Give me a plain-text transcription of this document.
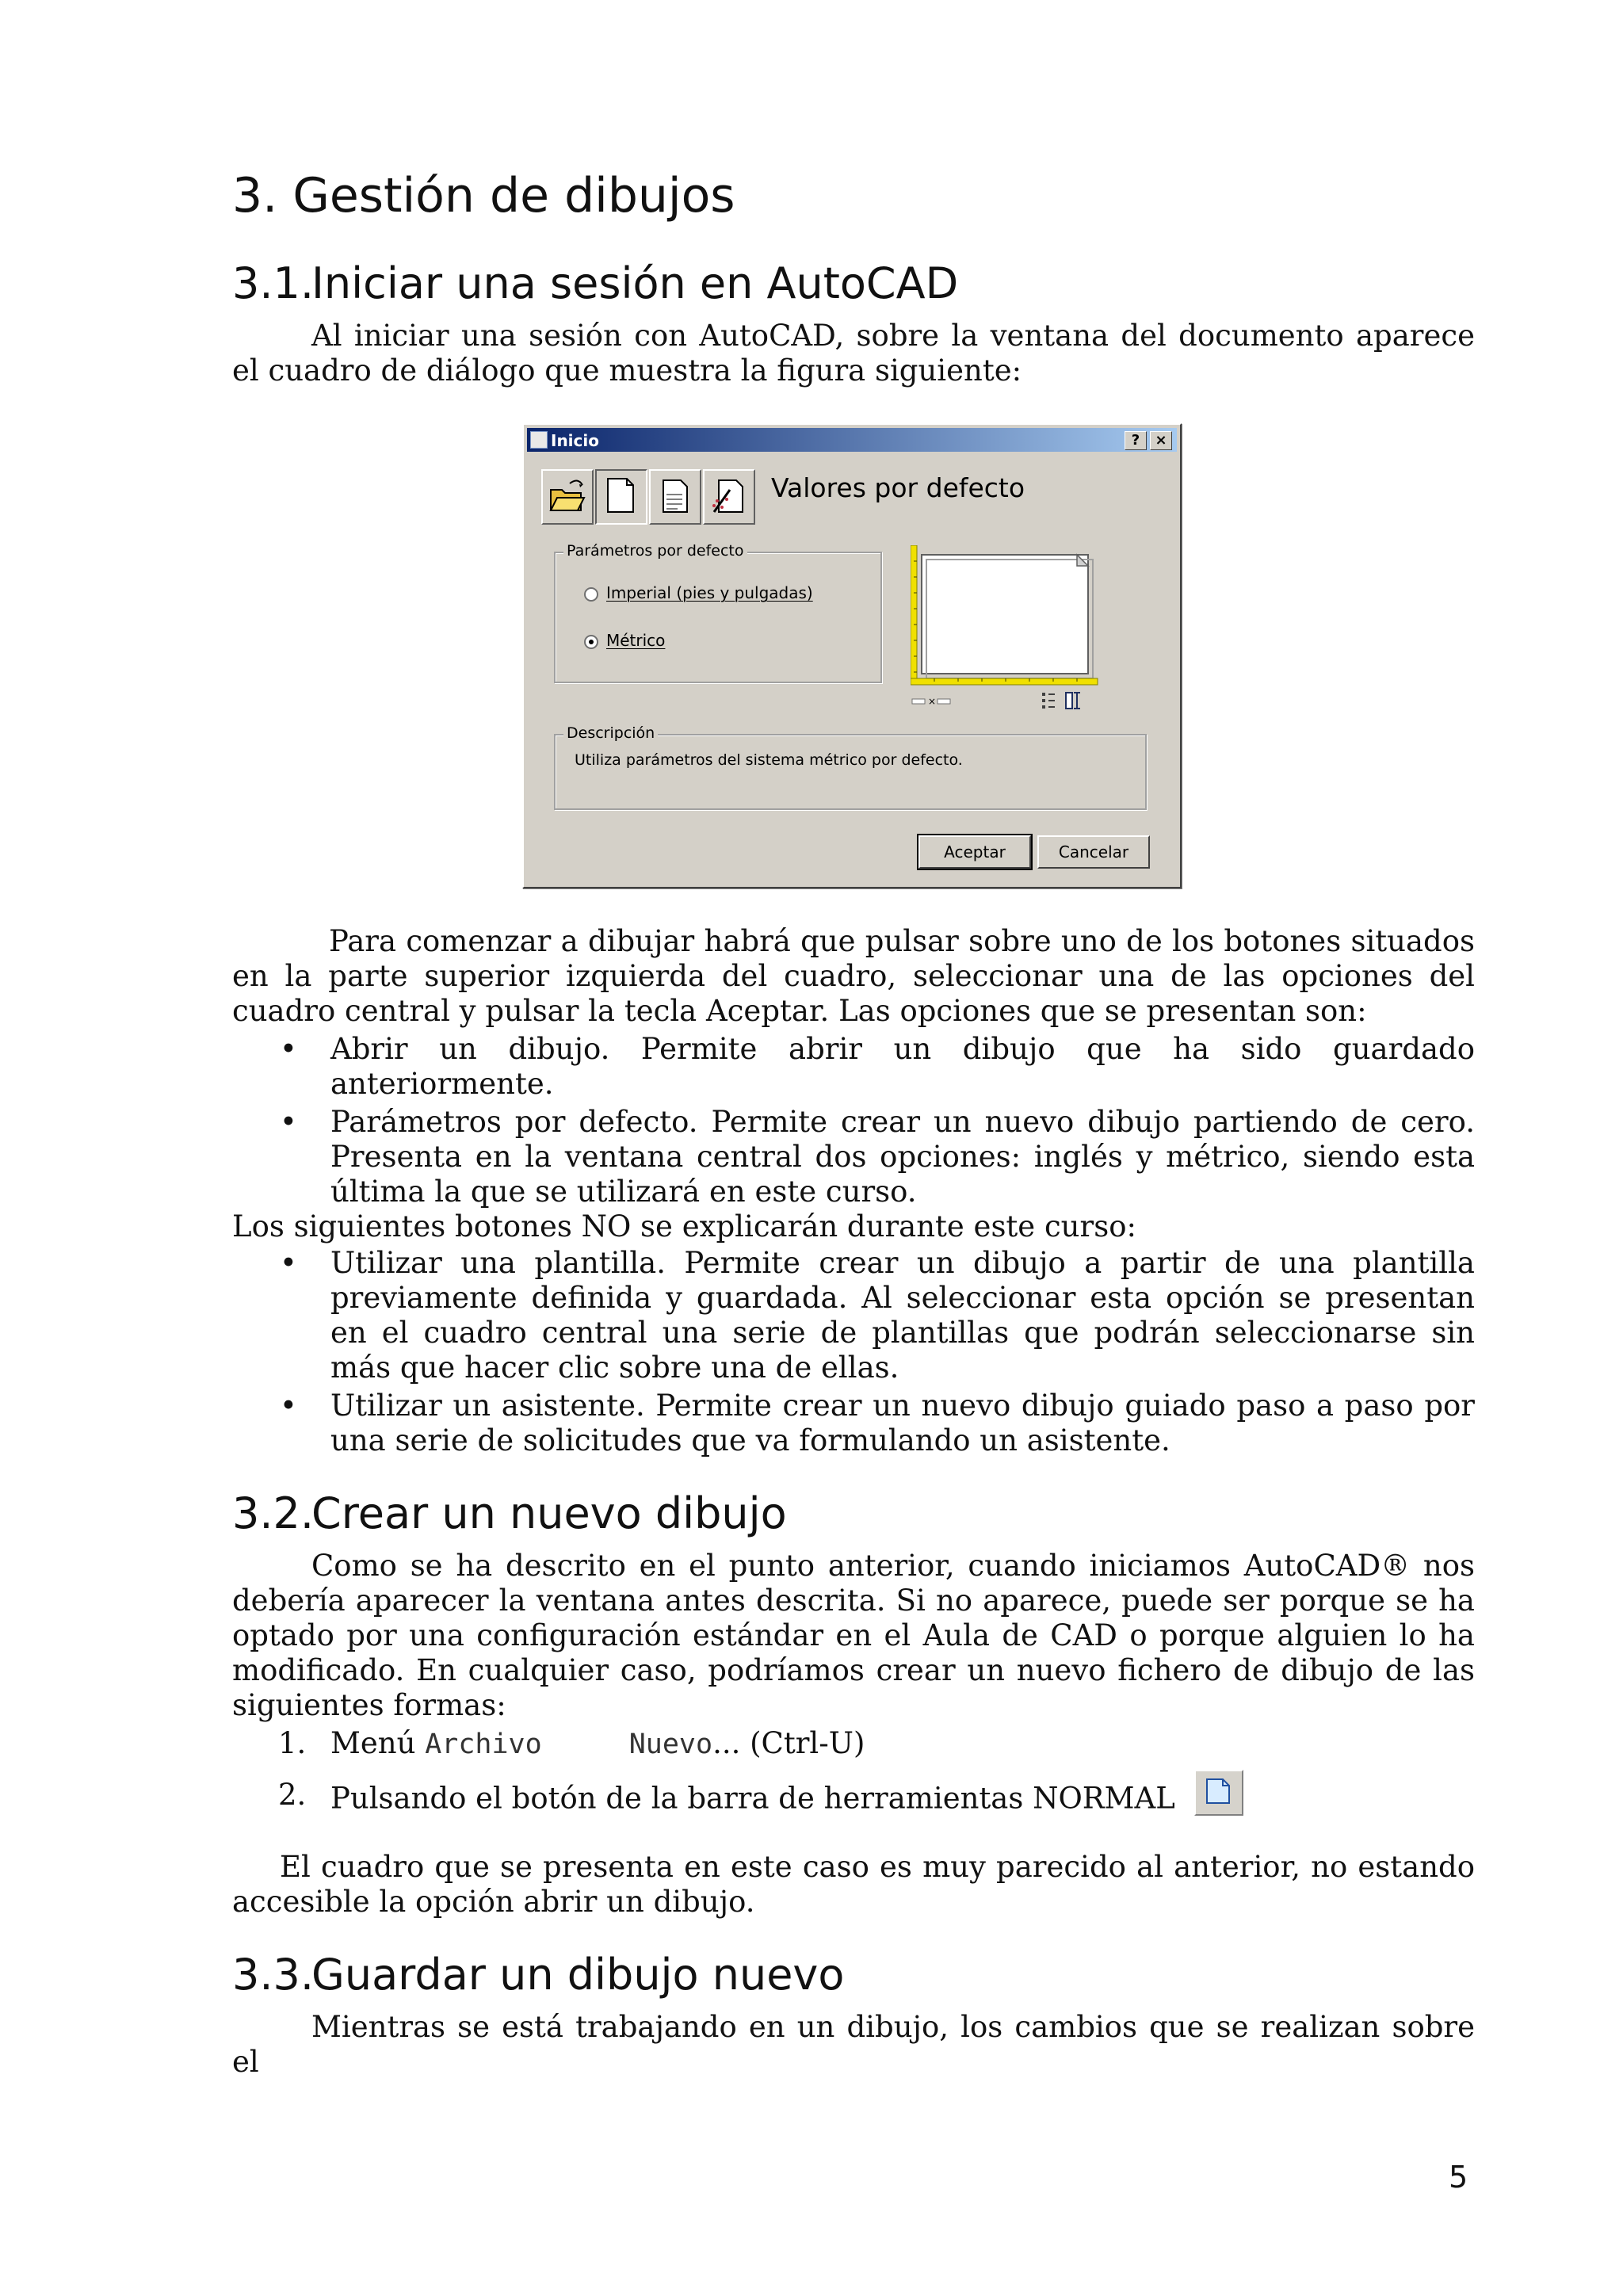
3. Gestión de dibujos
3.1.Iniciar una sesión en AutoCAD

Al iniciar una sesión con AutoCAD, sobre la ventana del documento aparece el cuadro de diálogo que muestra la figura siguiente:

Inicio	?	×
Valores por defecto
Parámetros por defecto
Imperial (pies y pulgadas)
Métrico
×
Descripción
Utiliza parámetros del sistema métrico por defecto.
Aceptar	Cancelar

Para comenzar a dibujar habrá que pulsar sobre uno de los botones situados en la parte superior izquierda del cuadro, seleccionar una de las opciones del cuadro central y pulsar la tecla Aceptar. Las opciones que se presentan son:

• Abrir un dibujo. Permite abrir un dibujo que ha sido guardado anteriormente.
• Parámetros por defecto. Permite crear un nuevo dibujo partiendo de cero. Presenta en la ventana central dos opciones: inglés y métrico, siendo esta última la que se utilizará en este curso.

Los siguientes botones NO se explicarán durante este curso:

• Utilizar una plantilla. Permite crear un dibujo a partir de una plantilla previamente definida y guardada. Al seleccionar esta opción se presentan en el cuadro central una serie de plantillas que podrán seleccionarse sin más que hacer clic sobre una de ellas.
• Utilizar un asistente. Permite crear un nuevo dibujo guiado paso a paso por una serie de solicitudes que va formulando un asistente.
3.2.Crear un nuevo dibujo

Como se ha descrito en el punto anterior, cuando iniciamos AutoCAD® nos debería aparecer la ventana antes descrita. Si no aparece, puede ser porque se ha optado por una configuración estándar en el Aula de CAD o porque alguien lo ha modificado. En cualquier caso, podríamos crear un nuevo fichero de dibujo de las siguientes formas:

1. Menú Archivo	Nuevo... (Ctrl-U)
2. Pulsando el botón de la barra de herramientas NORMAL

El cuadro que se presenta en este caso es muy parecido al anterior, no estando accesible la opción abrir un dibujo.

3.3.Guardar un dibujo nuevo

Mientras se está trabajando en un dibujo, los cambios que se realizan sobre el

5
